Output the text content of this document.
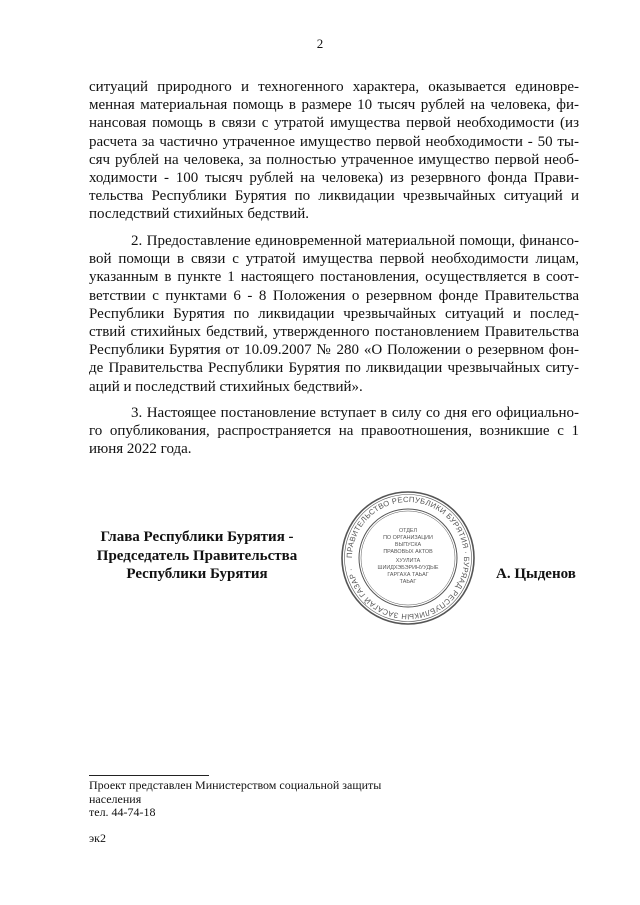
2
ситуаций природного и техногенного характера, оказывается единовре-менная материальная помощь в размере 10 тысяч рублей на человека, фи-нансовая помощь в связи с утратой имущества первой необходимости (из расчета за частично утраченное имущество первой необходимости - 50 ты-сяч рублей на человека, за полностью утраченное имущество первой необ-ходимости - 100 тысяч рублей на человека) из резервного фонда Прави-тельства Республики Бурятия по ликвидации чрезвычайных ситуаций и последствий стихийных бедствий.
2. Предоставление единовременной материальной помощи, финансо-вой помощи в связи с утратой имущества первой необходимости лицам, указанным в пункте 1 настоящего постановления, осуществляется в соот-ветствии с пунктами 6 - 8 Положения о резервном фонде Правительства Республики Бурятия по ликвидации чрезвычайных ситуаций и послед-ствий стихийных бедствий, утвержденного постановлением Правительства Республики Бурятия от 10.09.2007 № 280 «О Положении о резервном фон-де Правительства Республики Бурятия по ликвидации чрезвычайных ситу-аций и последствий стихийных бедствий».
3. Настоящее постановление вступает в силу со дня его официально-го опубликования, распространяется на правоотношения, возникшие с 1 июня 2022 года.
Глава Республики Бурятия -
Председатель Правительства
Республики Бурятия
ПРАВИТЕЛЬСТВО РЕСПУБЛИКИ БУРЯТИЯ · БУРЯАД РЕСПУБЛИКЫН ЗАСАГАЙ ГАЗАР ·
ОТДЕЛ
ПО ОРГАНИЗАЦИИ
ВЫПУСКА
ПРАВОВЫХ АКТОВ
ХУУЛИТА
ШИИДХЭБЭРИНУУДЫЕ
ГАРГАХА ТАЬАГ
ТАЬАГ	А. Цыденов
Проект представлен Министерством социальной защиты
населения
тел. 44-74-18
эк2
